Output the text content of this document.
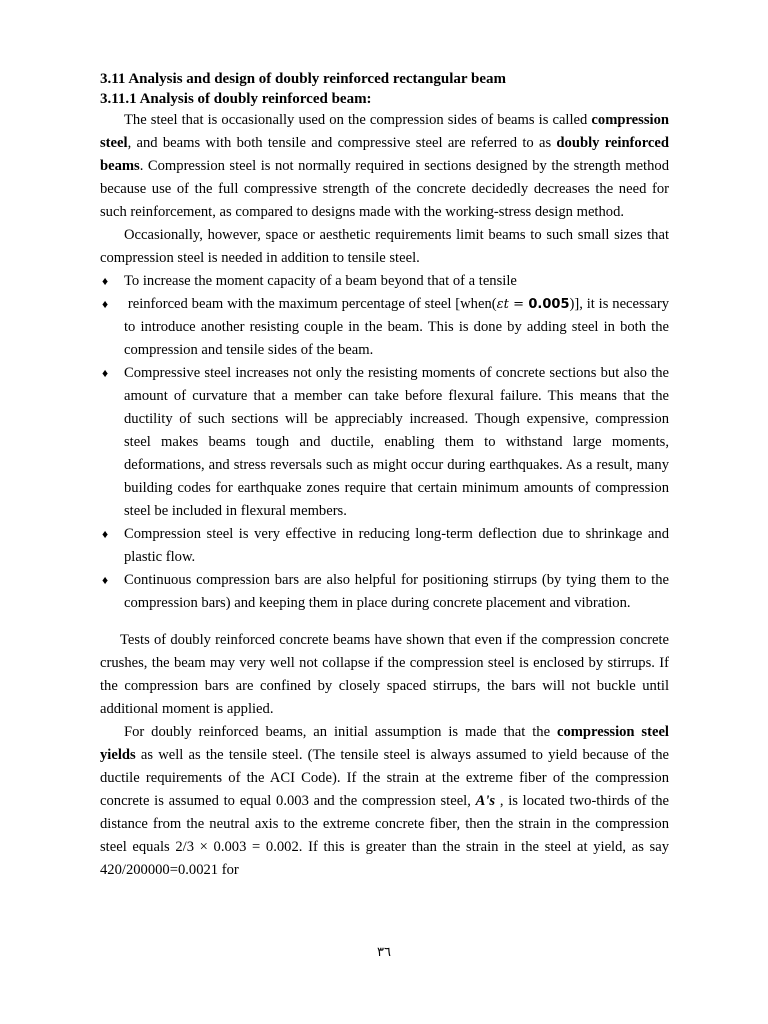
3.11 Analysis and design of doubly reinforced rectangular beam
3.11.1 Analysis of doubly reinforced beam:

The steel that is occasionally used on the compression sides of beams is called compression steel, and beams with both tensile and compressive steel are referred to as doubly reinforced beams. Compression steel is not normally required in sections designed by the strength method because use of the full compressive strength of the concrete decidedly decreases the need for such reinforcement, as compared to designs made with the working-stress design method.

Occasionally, however, space or aesthetic requirements limit beams to such small sizes that compression steel is needed in addition to tensile steel.

♦ To increase the moment capacity of a beam beyond that of a tensile
♦ reinforced beam with the maximum percentage of steel [when(εt = 0.005)], it is necessary to introduce another resisting couple in the beam. This is done by adding steel in both the compression and tensile sides of the beam.
♦ Compressive steel increases not only the resisting moments of concrete sections but also the amount of curvature that a member can take before flexural failure. This means that the ductility of such sections will be appreciably increased. Though expensive, compression steel makes beams tough and ductile, enabling them to withstand large moments, deformations, and stress reversals such as might occur during earthquakes. As a result, many building codes for earthquake zones require that certain minimum amounts of compression steel be included in flexural members.
♦ Compression steel is very effective in reducing long-term deflection due to shrinkage and plastic flow.
♦ Continuous compression bars are also helpful for positioning stirrups (by tying them to the compression bars) and keeping them in place during concrete placement and vibration.

Tests of doubly reinforced concrete beams have shown that even if the compression concrete crushes, the beam may very well not collapse if the compression steel is enclosed by stirrups. If the compression bars are confined by closely spaced stirrups, the bars will not buckle until additional moment is applied.

For doubly reinforced beams, an initial assumption is made that the compression steel yields as well as the tensile steel. (The tensile steel is always assumed to yield because of the ductile requirements of the ACI Code). If the strain at the extreme fiber of the compression concrete is assumed to equal 0.003 and the compression steel, A's , is located two-thirds of the distance from the neutral axis to the extreme concrete fiber, then the strain in the compression steel equals 2/3 × 0.003 = 0.002. If this is greater than the strain in the steel at yield, as say 420/200000=0.0021 for

٣٦
